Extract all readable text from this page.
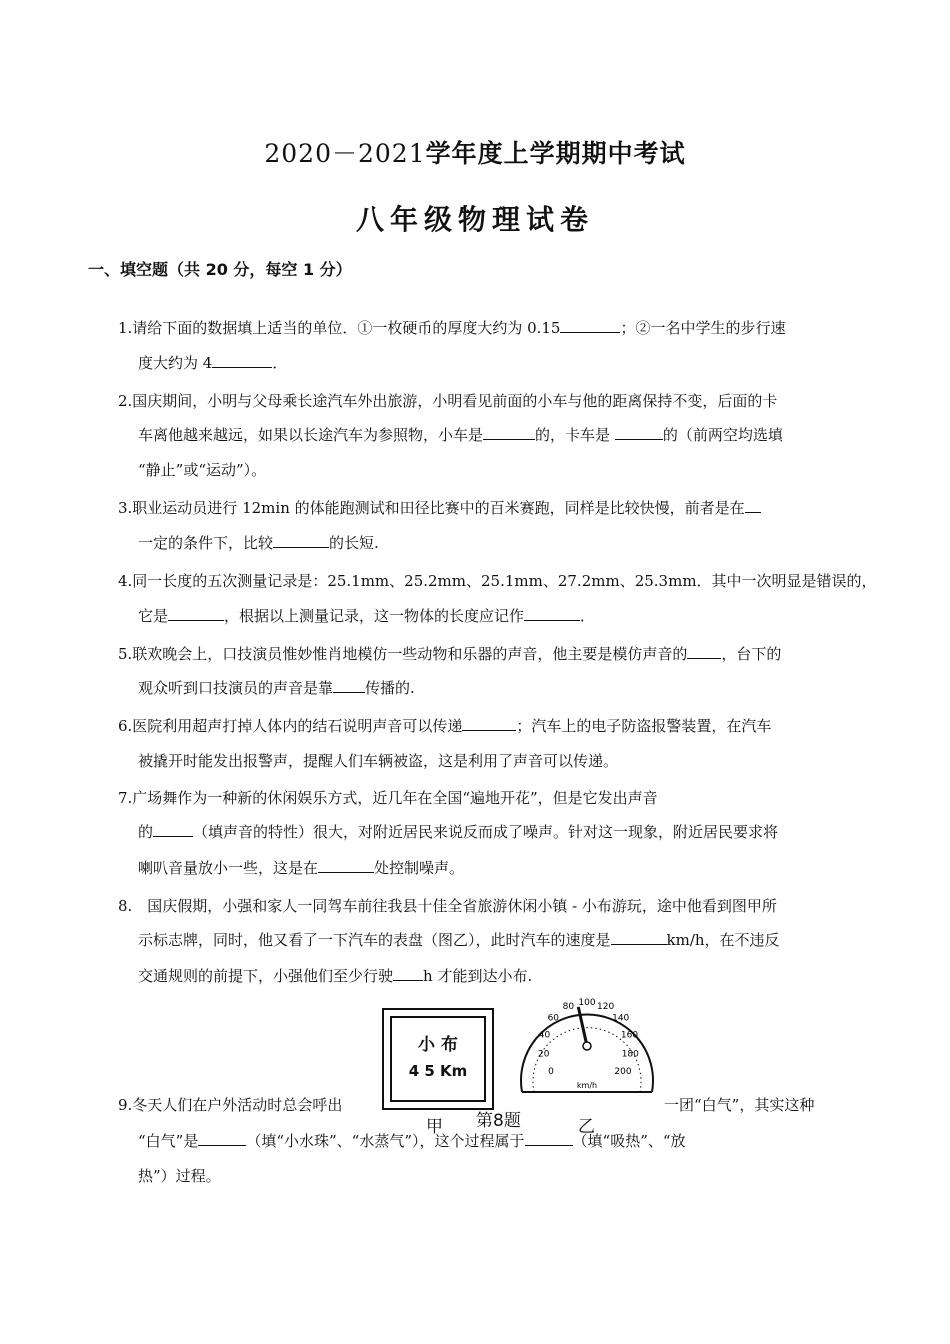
2020－2021学年度上学期期中考试
八年级物理试卷
一、填空题（共 20 分，每空 1 分）
1.请给下面的数据填上适当的单位．①一枚硬币的厚度大约为 0.15	；②一名中学生的步行速
度大约为 4	．
2.国庆期间，小明与父母乘长途汽车外出旅游，小明看见前面的小车与他的距离保持不变，后面的卡
车离他越来越远，如果以长途汽车为参照物，小车是	的，卡车是	的（前两空均选填
“静止”或“运动”）。
3.职业运动员进行 12min 的体能跑测试和田径比赛中的百米赛跑，同样是比较快慢，前者是在
一定的条件下，比较	的长短.
4.同一长度的五次测量记录是：25.1mm、25.2mm、25.1mm、27.2mm、25.3mm．其中一次明显是错误的，
它是	，根据以上测量记录，这一物体的长度应记作	．
5.联欢晚会上，口技演员惟妙惟肖地模仿一些动物和乐器的声音，他主要是模仿声音的 ，台下的
观众听到口技演员的声音是靠 传播的.
6.医院利用超声打掉人体内的结石说明声音可以传递	；汽车上的电子防盗报警装置，在汽车
被撬开时能发出报警声，提醒人们车辆被盗，这是利用了声音可以传递。
7.广场舞作为一种新的休闲娱乐方式，近几年在全国“遍地开花”，但是它发出声音
的	（填声音的特性）很大，对附近居民来说反而成了噪声。针对这一现象，附近居民要求将
喇叭音量放小一些，这是在	处控制噪声。
8.　国庆假期，小强和家人一同驾车前往我县十佳全省旅游休闲小镇 - 小布游玩，途中他看到图甲所
示标志牌，同时，他又看了一下汽车的表盘（图乙），此时汽车的速度是	km/h，在不违反
交通规则的前提下，小强他们至少行驶 h 才能到达小布.
小 布
4 5 Km
km/h
0
20
40
60
80 100 120
140
160
180
200
甲 第8题	乙
9.冬天人们在户外活动时总会呼出	一团“白气”，其实这种
“白气”是	（填“小水珠”、“水蒸气”），这个过程属于	（填“吸热”、“放
热”）过程。
